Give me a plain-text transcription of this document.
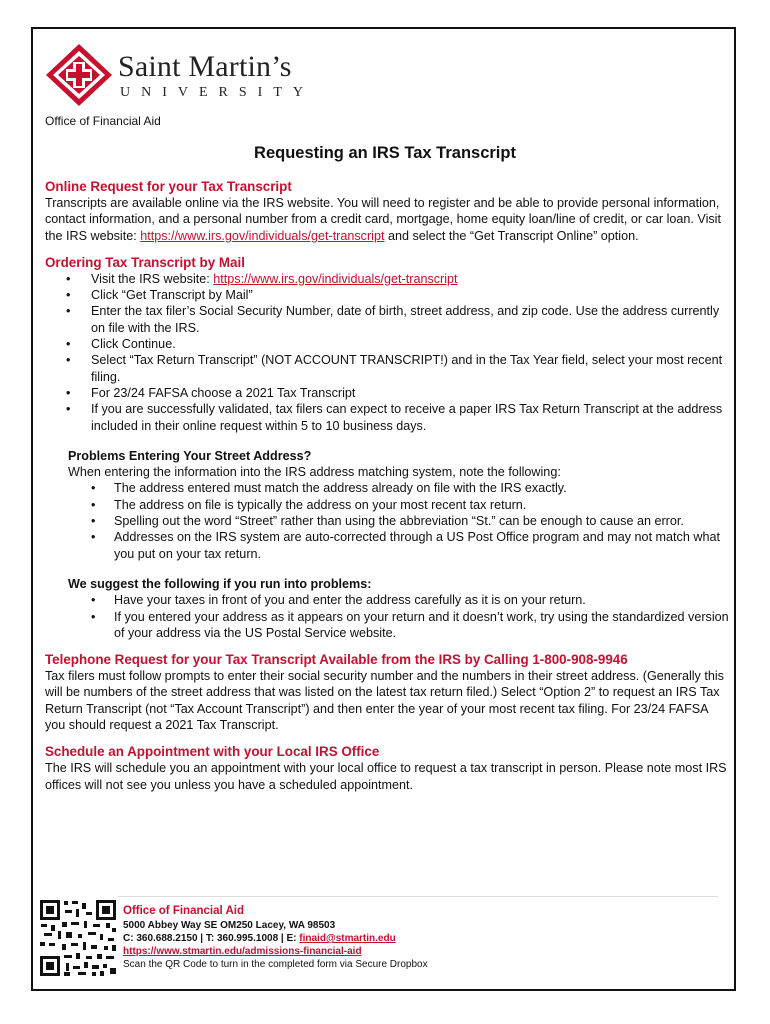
Saint Martin’s
UNIVERSITY
Office of Financial Aid
Requesting an IRS Tax Transcript
Online Request for your Tax Transcript

Transcripts are available online via the IRS website. You will need to register and be able to provide personal information, contact information, and a personal number from a credit card, mortgage, home equity loan/line of credit, or car loan. Visit the IRS website: https://www.irs.gov/individuals/get-transcript and select the “Get Transcript Online” option.

Ordering Tax Transcript by Mail
• Visit the IRS website: https://www.irs.gov/individuals/get-transcript
• Click “Get Transcript by Mail”
• Enter the tax filer’s Social Security Number, date of birth, street address, and zip code. Use the address currently on file with the IRS.
• Click Continue.
• Select “Tax Return Transcript” (NOT ACCOUNT TRANSCRIPT!) and in the Tax Year field, select your most recent filing.
• For 23/24 FAFSA choose a 2021 Tax Transcript
• If you are successfully validated, tax filers can expect to receive a paper IRS Tax Return Transcript at the address included in their online request within 5 to 10 business days.
Problems Entering Your Street Address?

When entering the information into the IRS address matching system, note the following:

• The address entered must match the address already on file with the IRS exactly.
• The address on file is typically the address on your most recent tax return.
• Spelling out the word “Street” rather than using the abbreviation “St.” can be enough to cause an error.
• Addresses on the IRS system are auto-corrected through a US Post Office program and may not match what you put on your tax return.
We suggest the following if you run into problems:
• Have your taxes in front of you and enter the address carefully as it is on your return.
• If you entered your address as it appears on your return and it doesn’t work, try using the standardized version of your address via the US Postal Service website.
Telephone Request for your Tax Transcript Available from the IRS by Calling 1-800-908-9946

Tax filers must follow prompts to enter their social security number and the numbers in their street address. (Generally this will be numbers of the street address that was listed on the latest tax return filed.) Select “Option 2” to request an IRS Tax Return Transcript (not “Tax Account Transcript”) and then enter the year of your most recent tax filing. For 23/24 FAFSA you should request a 2021 Tax Transcript.

Schedule an Appointment with your Local IRS Office

The IRS will schedule you an appointment with your local office to request a tax transcript in person. Please note most IRS offices will not see you unless you have a scheduled appointment.

Office of Financial Aid
5000 Abbey Way SE OM250 Lacey, WA 98503
C: 360.688.2150 | T: 360.995.1008 | E: finaid@stmartin.edu
https://www.stmartin.edu/admissions-financial-aid
Scan the QR Code to turn in the completed form via Secure Dropbox
